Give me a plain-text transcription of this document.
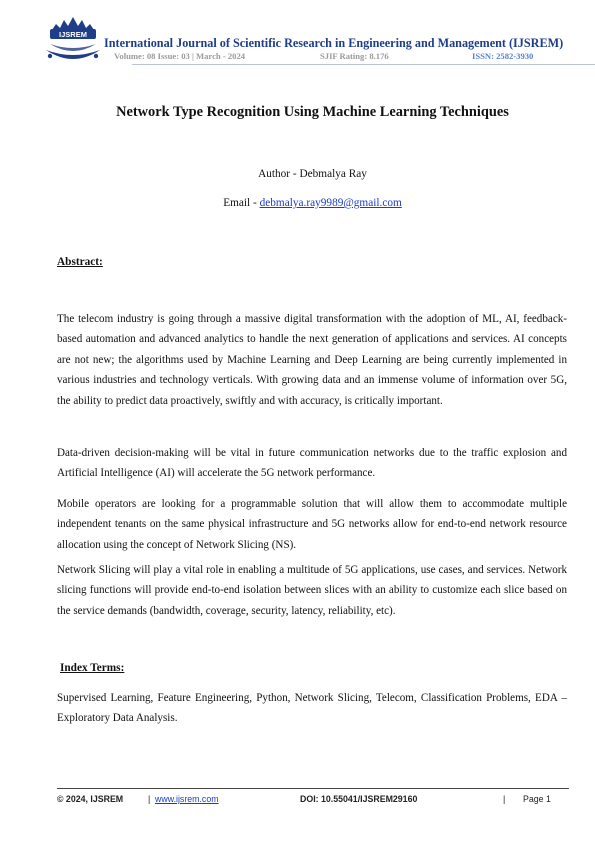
IJSREM
International Journal of Scientific Research in Engineering and Management (IJSREM)
Volume: 08 Issue: 03 | March - 2024	SJIF Rating: 8.176	ISSN: 2582-3930
Network Type Recognition Using Machine Learning Techniques
Author - Debmalya Ray
Email - debmalya.ray9989@gmail.com
Abstract:
The telecom industry is going through a massive digital transformation with the adoption of ML, AI, feedback-based automation and advanced analytics to handle the next generation of applications and services. AI concepts are not new; the algorithms used by Machine Learning and Deep Learning are being currently implemented in various industries and technology verticals. With growing data and an immense volume of information over 5G, the ability to predict data proactively, swiftly and with accuracy, is critically important.
Data-driven decision-making will be vital in future communication networks due to the traffic explosion and Artificial Intelligence (AI) will accelerate the 5G network performance.
Mobile operators are looking for a programmable solution that will allow them to accommodate multiple independent tenants on the same physical infrastructure and 5G networks allow for end-to-end network resource allocation using the concept of Network Slicing (NS).
Network Slicing will play a vital role in enabling a multitude of 5G applications, use cases, and services. Network slicing functions will provide end-to-end isolation between slices with an ability to customize each slice based on the service demands (bandwidth, coverage, security, latency, reliability, etc).
Index Terms:
Supervised Learning, Feature Engineering, Python, Network Slicing, Telecom, Classification Problems, EDA – Exploratory Data Analysis.
© 2024, IJSREM	| www.ijsrem.com	DOI: 10.55041/IJSREM29160	| Page 1
